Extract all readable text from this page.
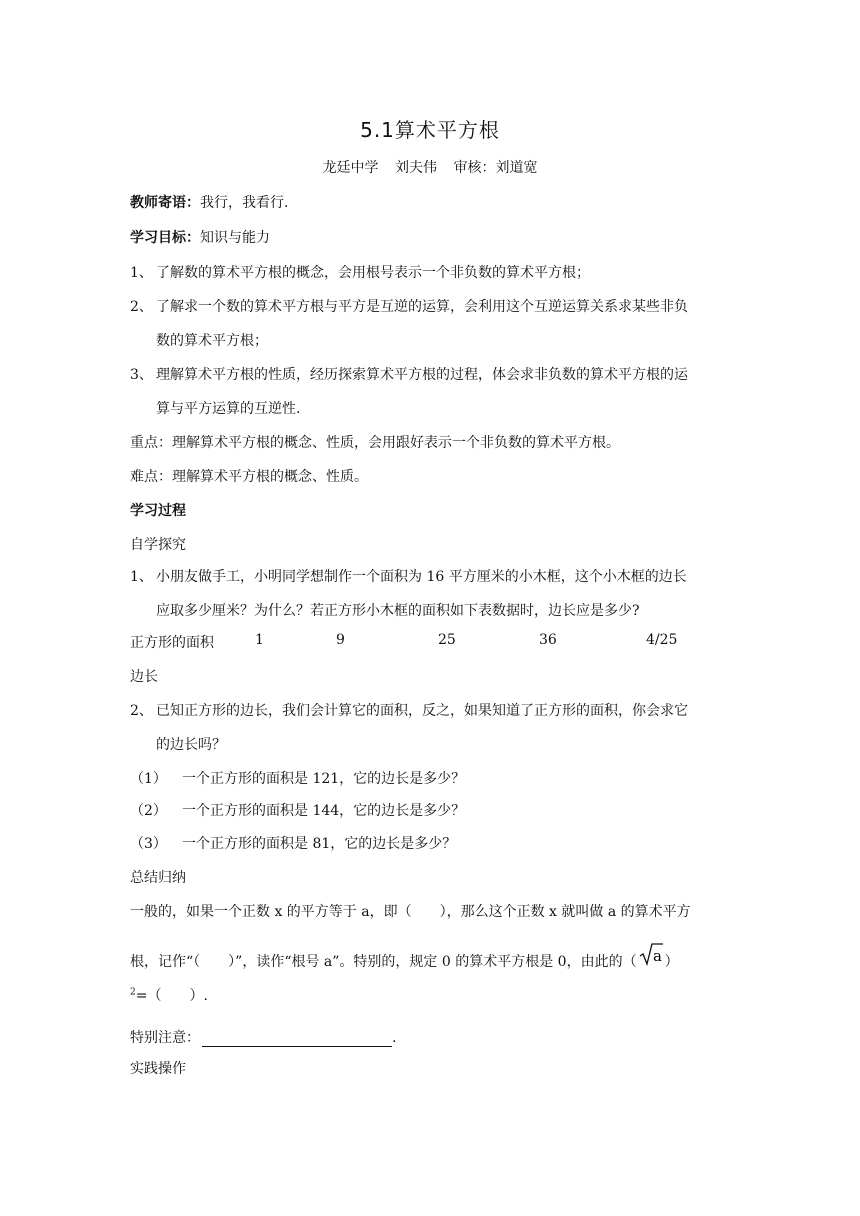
5.1算术平方根
龙廷中学 刘夫伟 审核：刘道宽
教师寄语：我行，我看行.
学习目标：知识与能力
1、 了解数的算术平方根的概念，会用根号表示一个非负数的算术平方根；
2、 了解求一个数的算术平方根与平方是互逆的运算，会利用这个互逆运算关系求某些非负
数的算术平方根；
3、 理解算术平方根的性质，经历探索算术平方根的过程，体会求非负数的算术平方根的运
算与平方运算的互逆性.
重点：理解算术平方根的概念、性质，会用跟好表示一个非负数的算术平方根。
难点：理解算术平方根的概念、性质。
学习过程
自学探究
1、 小朋友做手工，小明同学想制作一个面积为 16 平方厘米的小木框，这个小木框的边长
应取多少厘米？为什么？若正方形小木框的面积如下表数据时，边长应是多少?
正方形的面积	1	9	25	36	4/25
边长
2、 已知正方形的边长，我们会计算它的面积，反之，如果知道了正方形的面积，你会求它
的边长吗？
（1） 一个正方形的面积是 121，它的边长是多少？
（2） 一个正方形的面积是 144，它的边长是多少？
（3） 一个正方形的面积是 81，它的边长是多少？
总结归纳
一般的，如果一个正数 x 的平方等于 a，即（　　），那么这个正数 x 就叫做 a 的算术平方
根，记作“（　　）”，读作“根号 a”。特别的，规定 0 的算术平方根是 0，由此的（ a ）
$^2$=（　　）.
特别注意：	.
实践操作
